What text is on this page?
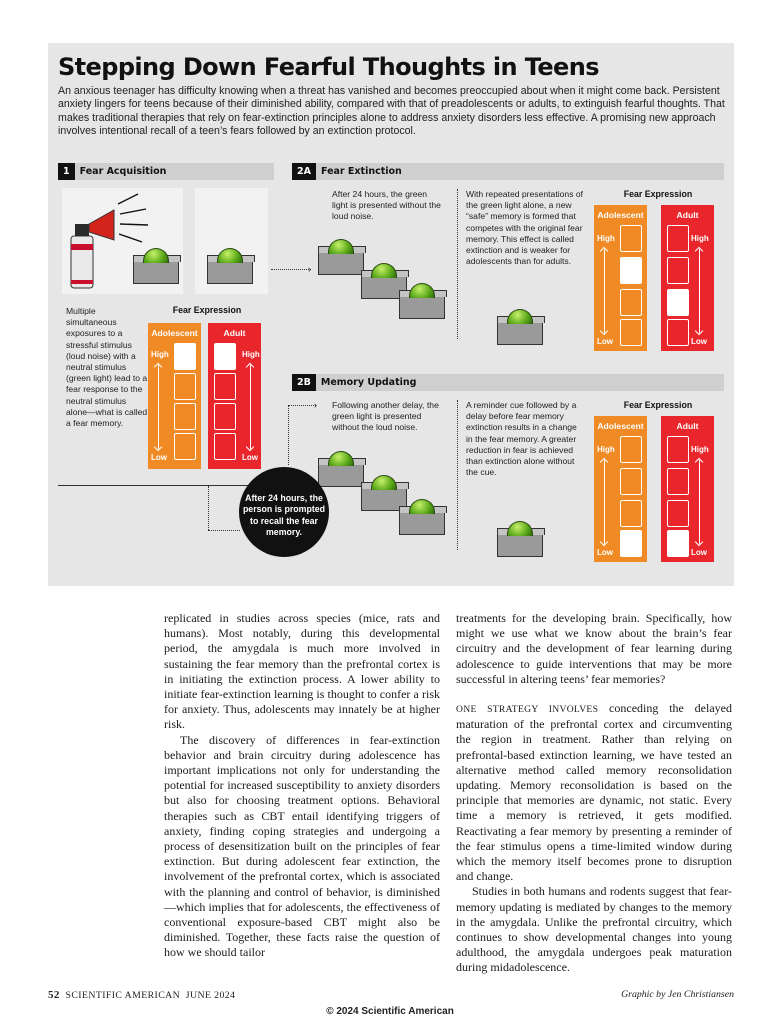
Stepping Down Fearful Thoughts in Teens
An anxious teenager has difficulty knowing when a threat has vanished and becomes preoccupied about when it might come back. Persistent anxiety lingers for teens because of their diminished ability, compared with that of preadolescents or adults, to extinguish fearful thoughts. That makes traditional therapies that rely on fear-extinction principles alone to address anxiety disorders less effective. A promising new approach involves intentional recall of a teen’s fears followed by an extinction protocol.
1 Fear Acquisition
Multiple simultaneous exposures to a stressful stimulus (loud noise) with a neutral stimulus (green light) lead to a fear response to the neutral stimulus alone—what is called a fear memory.
Fear Expression
Adolescent
High
Low
Adult
High
Low
›
2A Fear Extinction
After 24 hours, the green light is presented without the loud noise.
With repeated presentations of the green light alone, a new “safe” memory is formed that competes with the original fear memory. This effect is called extinction and is weaker for adolescents than for adults.
Fear Expression
Adolescent
High
Low
Adult
High
Low
2B Memory Updating
› Following another delay, the green light is presented without the loud noise.
A reminder cue followed by a delay before fear memory extinction results in a change in the fear memory. A greater reduction in fear is achieved than extinction alone without the cue.
Fear Expression
Adolescent
High
Low
Adult
High
Low
After 24 hours, the person is prompted to recall the fear memory.

replicated in studies across species (mice, rats and humans). Most notably, during this developmental period, the amygdala is much more involved in sustaining the fear memory than the prefrontal cortex is in initiating the extinction process. A lower ability to initiate fear-extinction learning is thought to confer a risk for anxiety. Thus, adolescents may innately be at higher risk.

The discovery of differences in fear-extinction behavior and brain circuitry during adolescence has important implications not only for understanding the potential for increased susceptibility to anxiety disorders but also for choosing treatment options. Behavioral therapies such as CBT entail identifying triggers of anxiety, finding coping strategies and undergoing a process of desensitization built on the principles of fear extinction. But during adolescent fear extinction, the involvement of the prefrontal cortex, which is associated with the planning and control of behavior, is diminished—which implies that for adolescents, the effectiveness of conventional exposure-based CBT might also be diminished. Together, these facts raise the question of how we should tailor

treatments for the developing brain. Specifically, how might we use what we know about the brain’s fear circuitry and the development of fear learning during adolescence to guide interventions that may be more successful in altering teens’ fear memories?

ONE STRATEGY INVOLVES conceding the delayed maturation of the prefrontal cortex and circumventing the region in treatment. Rather than relying on prefrontal-based extinction learning, we have tested an alternative method called memory reconsolidation updating. Memory reconsolidation is based on the principle that memories are dynamic, not static. Every time a memory is retrieved, it gets modified. Reactivating a fear memory by presenting a reminder of the fear stimulus opens a time-limited window during which the memory itself becomes prone to disruption and change.

Studies in both humans and rodents suggest that fear-memory updating is mediated by changes to the memory in the amygdala. Unlike the prefrontal circuitry, which continues to show developmental changes into young adulthood, the amygdala undergoes peak maturation during midadolescence.

52 SCIENTIFIC AMERICAN JUNE 2024	Graphic by Jen Christiansen
© 2024 Scientific American
